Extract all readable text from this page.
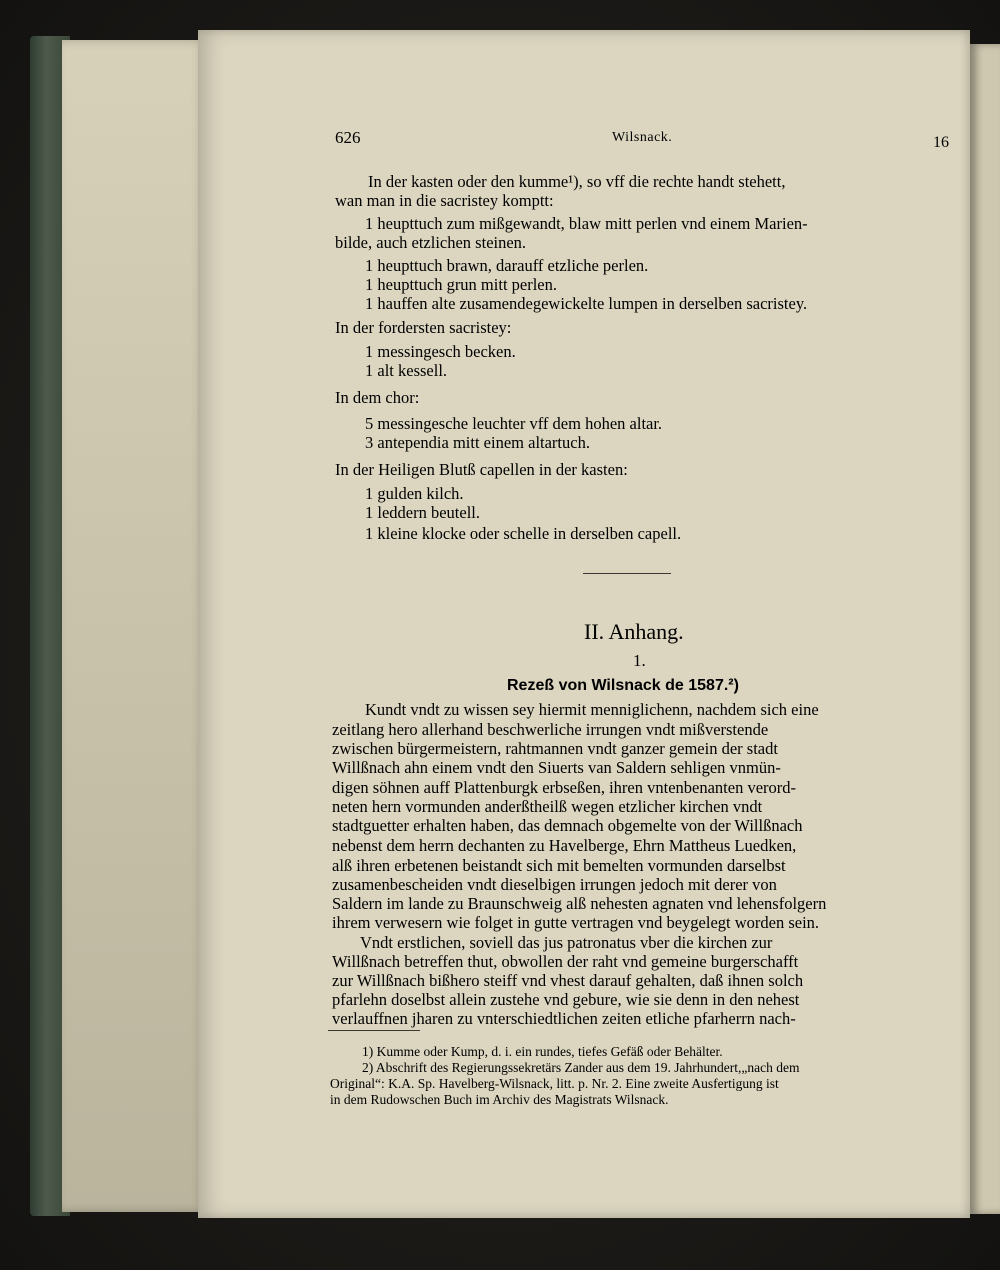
626	Wilsnack.	16
In der kasten oder den kumme¹), so vff die rechte handt stehett,
wan man in die sacristey komptt:
1 heupttuch zum mißgewandt, blaw mitt perlen vnd einem Marien-
bilde, auch etzlichen steinen.
1 heupttuch brawn, darauff etzliche perlen.
1 heupttuch grun mitt perlen.
1 hauffen alte zusamendegewickelte lumpen in derselben sacristey.
In der fordersten sacristey:
1 messingesch becken.
1 alt kessell.
In dem chor:
5 messingesche leuchter vff dem hohen altar.
3 antependia mitt einem altartuch.
In der Heiligen Blutß capellen in der kasten:
1 gulden kilch.
1 leddern beutell.
1 kleine klocke oder schelle in derselben capell.
II. Anhang.
1.
Rezeß von Wilsnack de 1587.²)
Kundt vndt zu wissen sey hiermit menniglichenn, nachdem sich eine
zeitlang hero allerhand beschwerliche irrungen vndt mißverstende
zwischen bürgermeistern, rahtmannen vndt ganzer gemein der stadt
Willßnach ahn einem vndt den Siuerts van Saldern sehligen vnmün-
digen söhnen auff Plattenburgk erbseßen, ihren vntenbenanten verord-
neten hern vormunden anderßtheilß wegen etzlicher kirchen vndt
stadtguetter erhalten haben, das demnach obgemelte von der Willßnach
nebenst dem herrn dechanten zu Havelberge, Ehrn Mattheus Luedken,
alß ihren erbetenen beistandt sich mit bemelten vormunden darselbst
zusamenbescheiden vndt dieselbigen irrungen jedoch mit derer von
Saldern im lande zu Braunschweig alß nehesten agnaten vnd lehensfolgern
ihrem verwesern wie folget in gutte vertragen vnd beygelegt worden sein.
Vndt erstlichen, soviell das jus patronatus vber die kirchen zur
Willßnach betreffen thut, obwollen der raht vnd gemeine burgerschafft
zur Willßnach bißhero steiff vnd vhest darauf gehalten, daß ihnen solch
pfarlehn doselbst allein zustehe vnd gebure, wie sie denn in den nehest
verlauffnen jharen zu vnterschiedtlichen zeiten etliche pfarherrn nach-
1) Kumme oder Kump, d. i. ein rundes, tiefes Gefäß oder Behälter.
2) Abschrift des Regierungssekretärs Zander aus dem 19. Jahrhundert,„nach dem
Original“: K.A. Sp. Havelberg-Wilsnack, litt. p. Nr. 2. Eine zweite Ausfertigung ist
in dem Rudowschen Buch im Archiv des Magistrats Wilsnack.
